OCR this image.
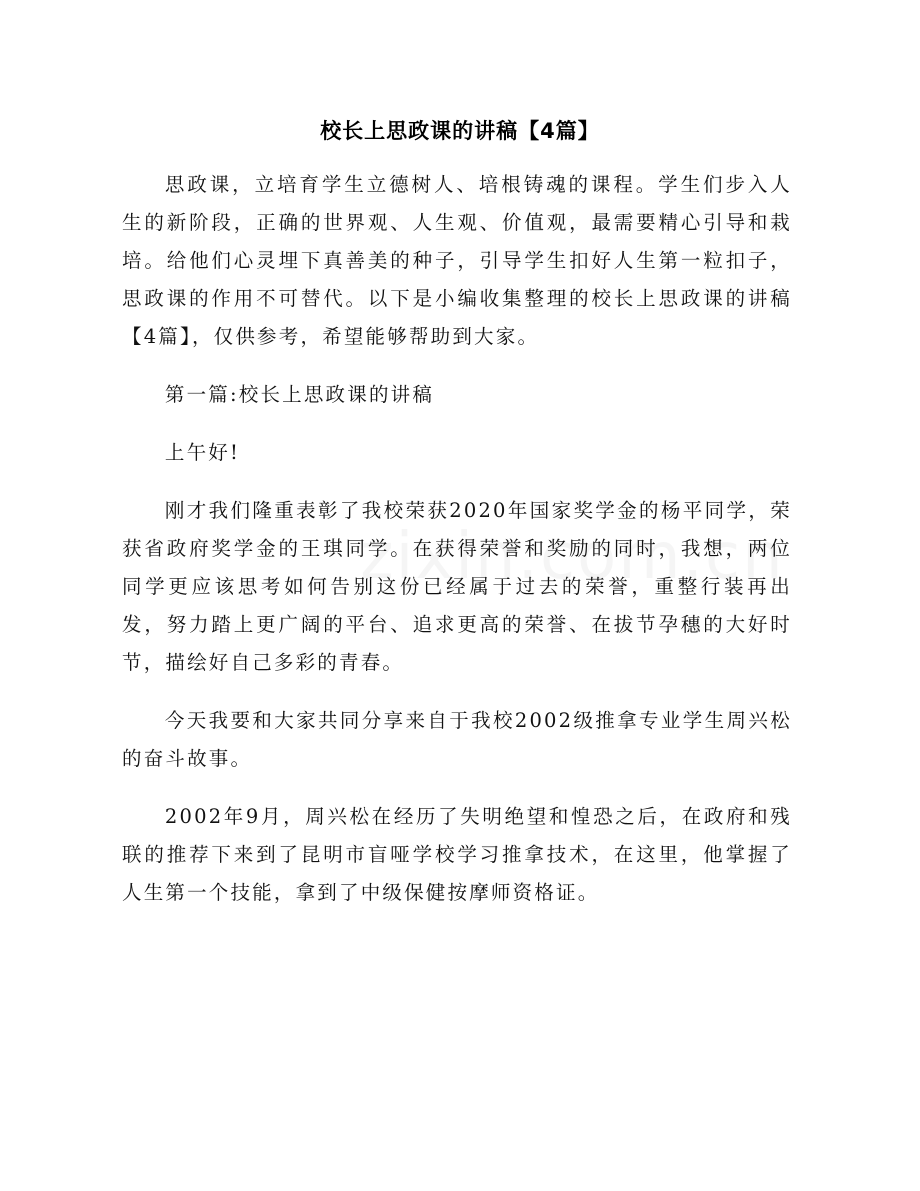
校长上思政课的讲稿【4篇】

思政课，立培育学生立德树人、培根铸魂的课程。学生们步入人生的新阶段，正确的世界观、人生观、价值观，最需要精心引导和栽培。给他们心灵埋下真善美的种子，引导学生扣好人生第一粒扣子，思政课的作用不可替代。以下是小编收集整理的校长上思政课的讲稿【4篇】，仅供参考，希望能够帮助到大家。

第一篇:校长上思政课的讲稿

上午好!

刚才我们隆重表彰了我校荣获2020年国家奖学金的杨平同学，荣获省政府奖学金的王琪同学。在获得荣誉和奖励的同时，我想，两位同学更应该思考如何告别这份已经属于过去的荣誉，重整行装再出发，努力踏上更广阔的平台、追求更高的荣誉、在拔节孕穗的大好时节，描绘好自己多彩的青春。

今天我要和大家共同分享来自于我校2002级推拿专业学生周兴松的奋斗故事。

2002年9月，周兴松在经历了失明绝望和惶恐之后，在政府和残联的推荐下来到了昆明市盲哑学校学习推拿技术，在这里，他掌握了人生第一个技能，拿到了中级保健按摩师资格证。
